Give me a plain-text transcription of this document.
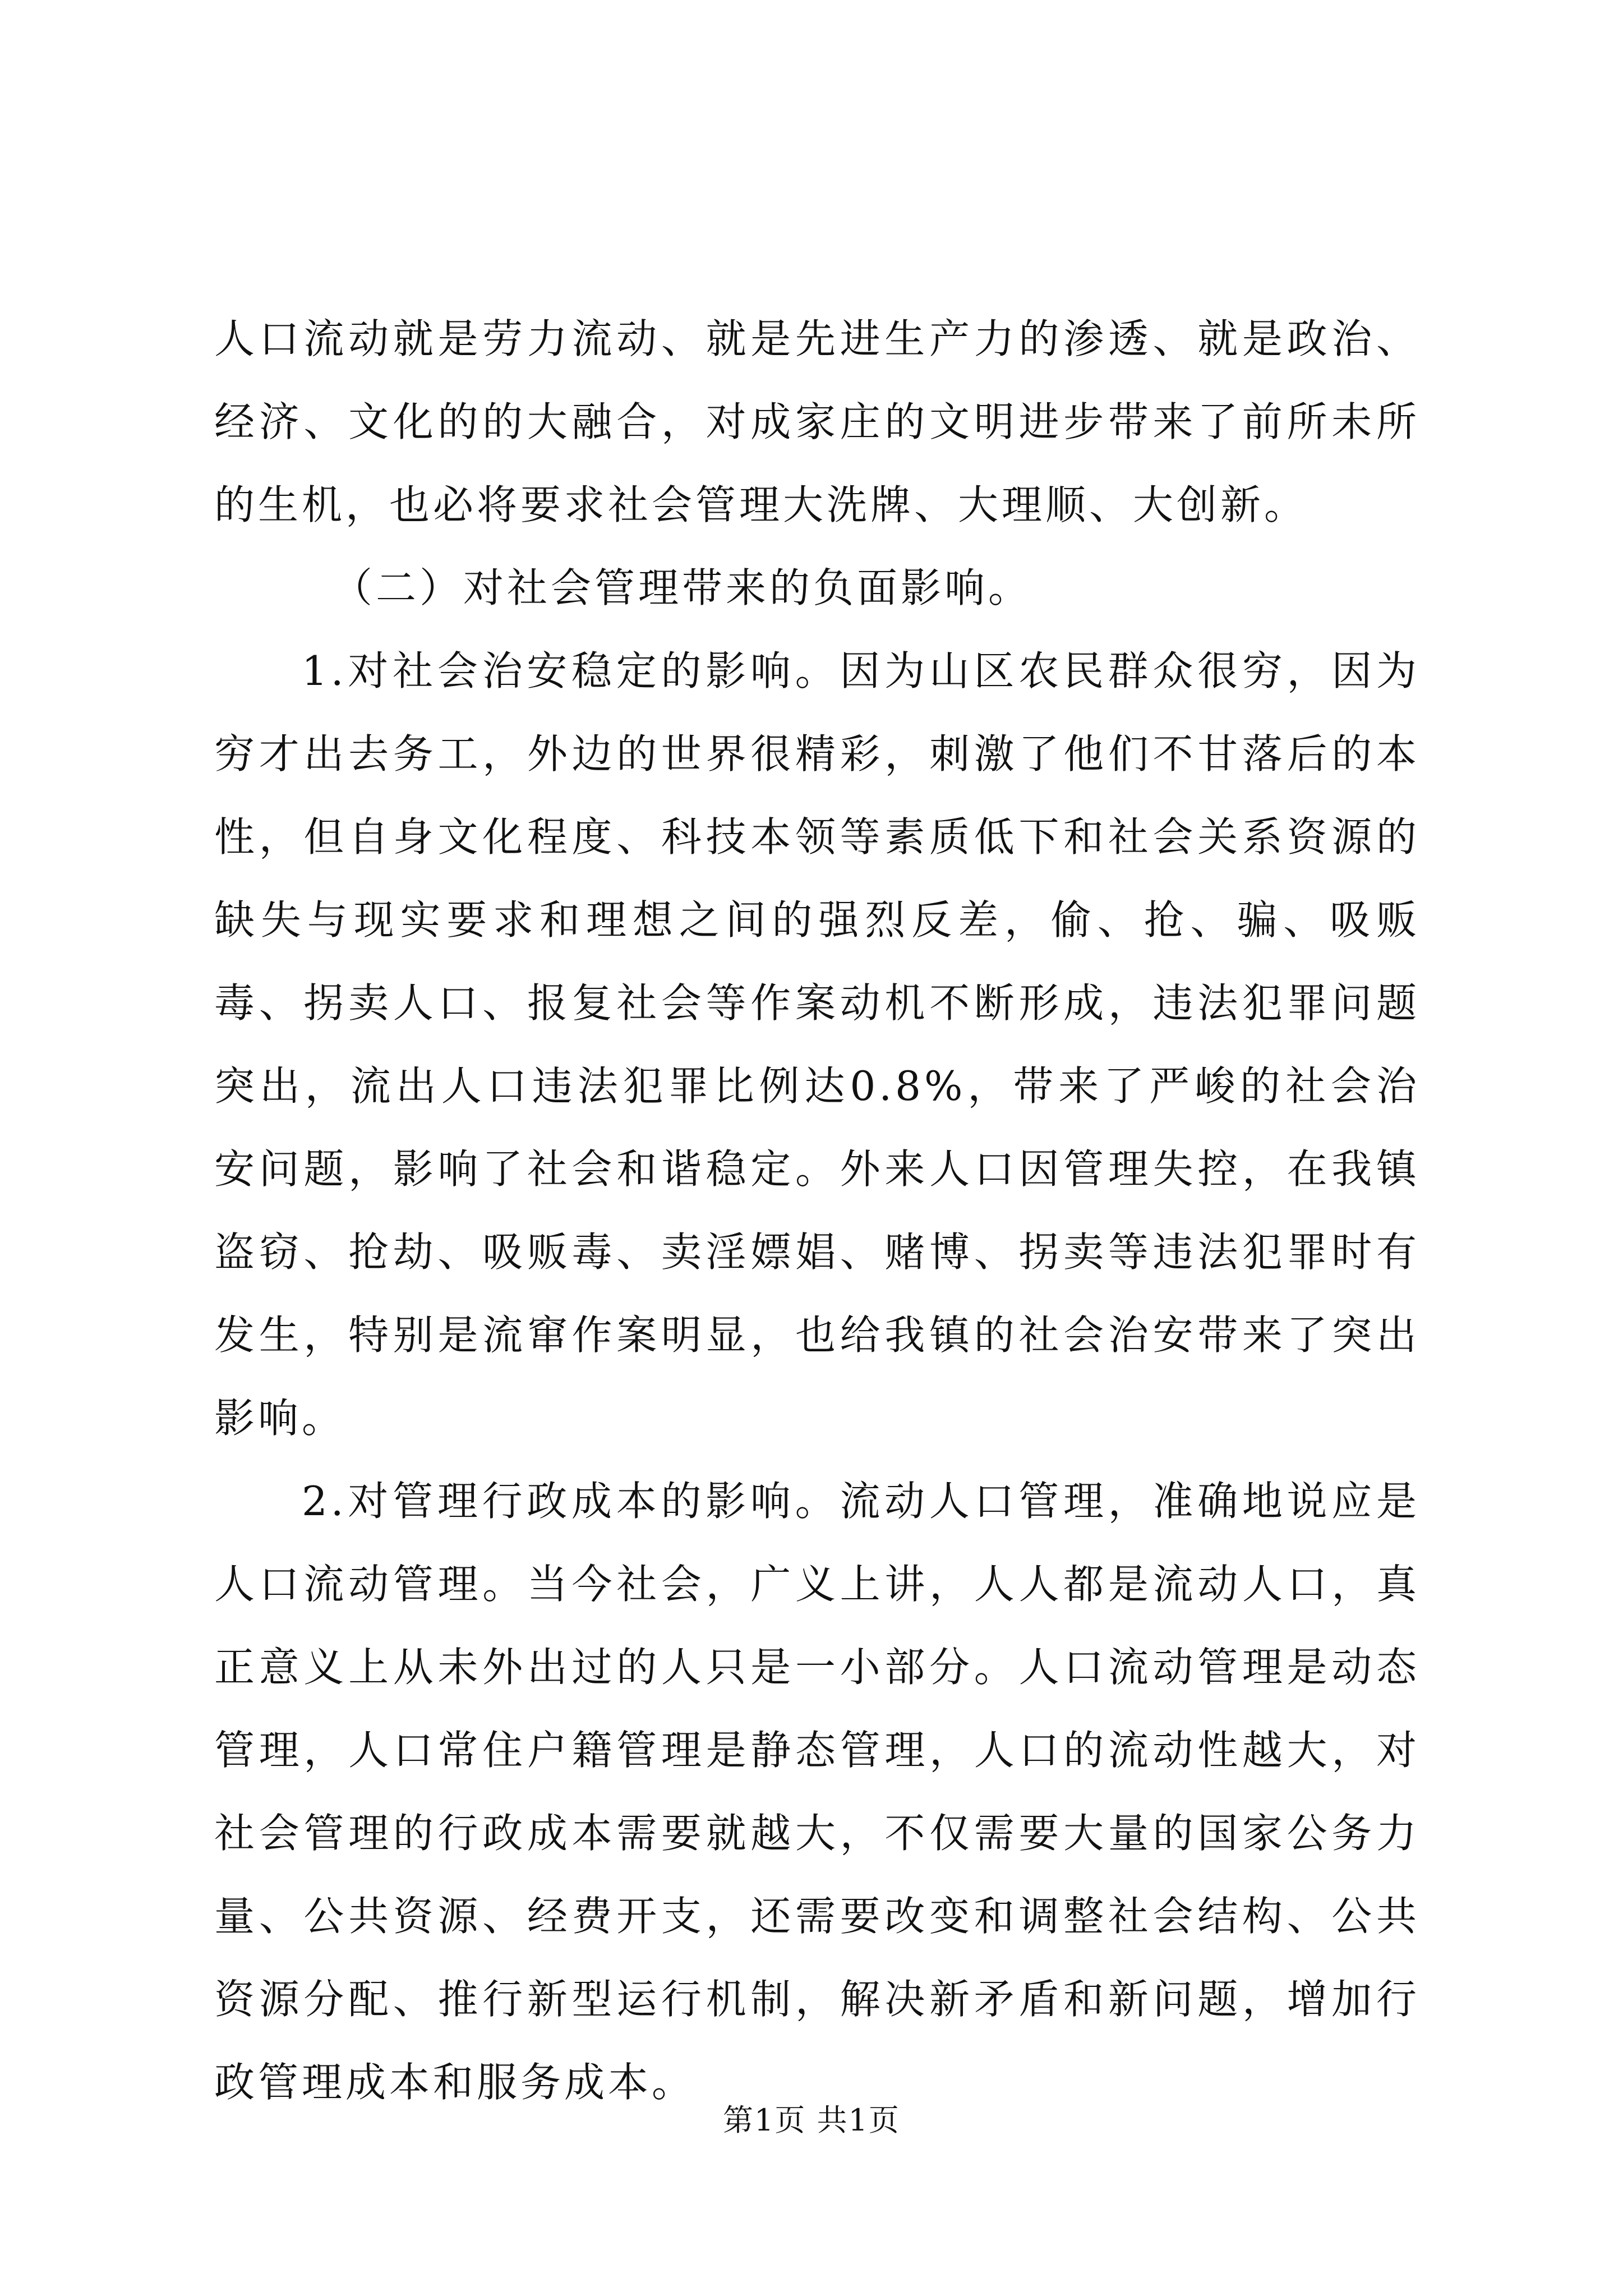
人口流动就是劳力流动、就是先进生产力的渗透、就是政治、经济、文化的的大融合，对成家庄的文明进步带来了前所未所的生机，也必将要求社会管理大洗牌、大理顺、大创新。

（二）对社会管理带来的负面影响。

1.对社会治安稳定的影响。因为山区农民群众很穷，因为穷才出去务工，外边的世界很精彩，刺激了他们不甘落后的本性，但自身文化程度、科技本领等素质低下和社会关系资源的缺失与现实要求和理想之间的强烈反差，偷、抢、骗、吸贩毒、拐卖人口、报复社会等作案动机不断形成，违法犯罪问题突出，流出人口违法犯罪比例达0.8%，带来了严峻的社会治安问题，影响了社会和谐稳定。外来人口因管理失控，在我镇盗窃、抢劫、吸贩毒、卖淫嫖娼、赌博、拐卖等违法犯罪时有发生，特别是流窜作案明显，也给我镇的社会治安带来了突出影响。

2.对管理行政成本的影响。流动人口管理，准确地说应是人口流动管理。当今社会，广义上讲，人人都是流动人口，真正意义上从未外出过的人只是一小部分。人口流动管理是动态管理，人口常住户籍管理是静态管理，人口的流动性越大，对社会管理的行政成本需要就越大，不仅需要大量的国家公务力量、公共资源、经费开支，还需要改变和调整社会结构、公共资源分配、推行新型运行机制，解决新矛盾和新问题，增加行政管理成本和服务成本。

第1页 共1页
